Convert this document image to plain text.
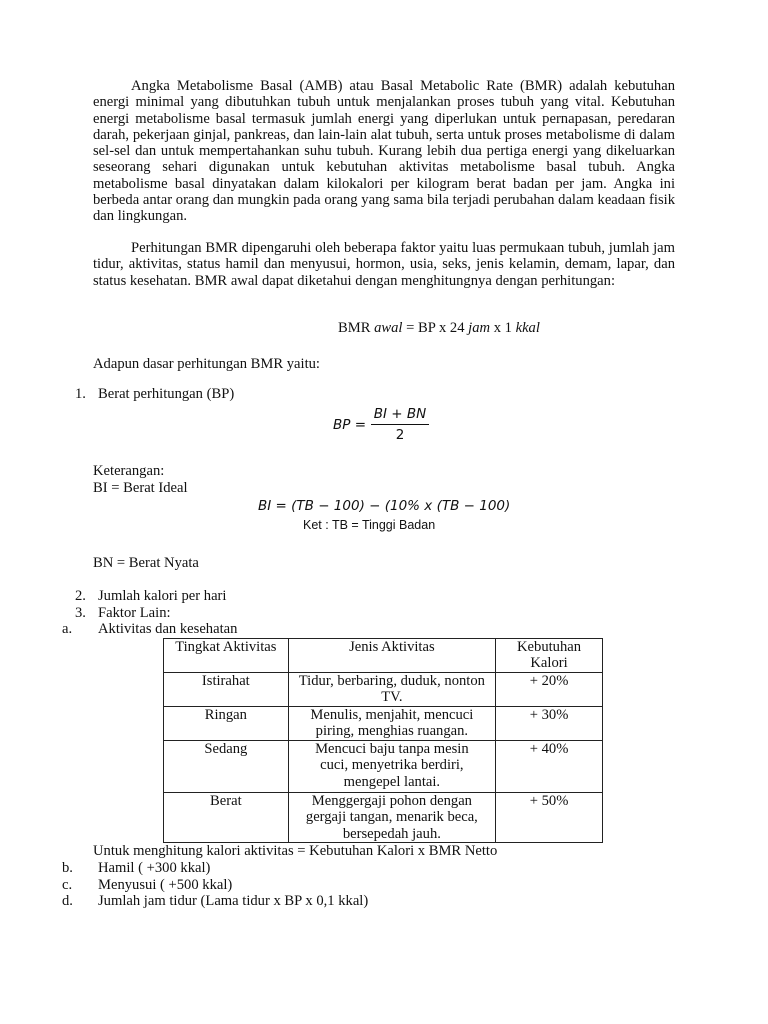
Angka Metabolisme Basal (AMB) atau Basal Metabolic Rate (BMR) adalah kebutuhan energi minimal yang dibutuhkan tubuh untuk menjalankan proses tubuh yang vital. Kebutuhan energi metabolisme basal termasuk jumlah energi yang diperlukan untuk pernapasan, peredaran darah, pekerjaan ginjal, pankreas, dan lain-lain alat tubuh, serta untuk proses metabolisme di dalam sel-sel dan untuk mempertahankan suhu tubuh. Kurang lebih dua pertiga energi yang dikeluarkan seseorang sehari digunakan untuk kebutuhan aktivitas metabolisme basal tubuh. Angka metabolisme basal dinyatakan dalam kilokalori per kilogram berat badan per jam. Angka ini berbeda antar orang dan mungkin pada orang yang sama bila terjadi perubahan dalam keadaan fisik dan lingkungan.

Perhitungan BMR dipengaruhi oleh beberapa faktor yaitu luas permukaan tubuh, jumlah jam tidur, aktivitas, status hamil dan menyusui, hormon, usia, seks, jenis kelamin, demam, lapar, dan status kesehatan. BMR awal dapat diketahui dengan menghitungnya dengan perhitungan:

BMR awal = BP x 24 jam x 1 kkal
Adapun dasar perhitungan BMR yaitu:
1. Berat perhitungan (BP)
BP =
BI + BN
2
Keterangan:
BI = Berat Ideal
BI = (TB − 100) − (10% x (TB − 100)
Ket : TB = Tinggi Badan
BN = Berat Nyata
2. Jumlah kalori per hari
3. Faktor Lain:
a. Aktivitas dan kesehatan
Tingkat Aktivitas	Jenis Aktivitas	Kebutuhan Kalori
Istirahat	Tidur, berbaring, duduk, nonton TV.	+ 20%
Ringan	Menulis, menjahit, mencuci piring, menghias ruangan.	+ 30%
Sedang	Mencuci baju tanpa mesin cuci, menyetrika berdiri, mengepel lantai.	+ 40%
Berat	Menggergaji pohon dengan gergaji tangan, menarik beca, bersepedah jauh.	+ 50%
Untuk menghitung kalori aktivitas = Kebutuhan Kalori x BMR Netto
b. Hamil ( +300 kkal)
c. Menyusui ( +500 kkal)
d. Jumlah jam tidur (Lama tidur x BP x 0,1 kkal)
